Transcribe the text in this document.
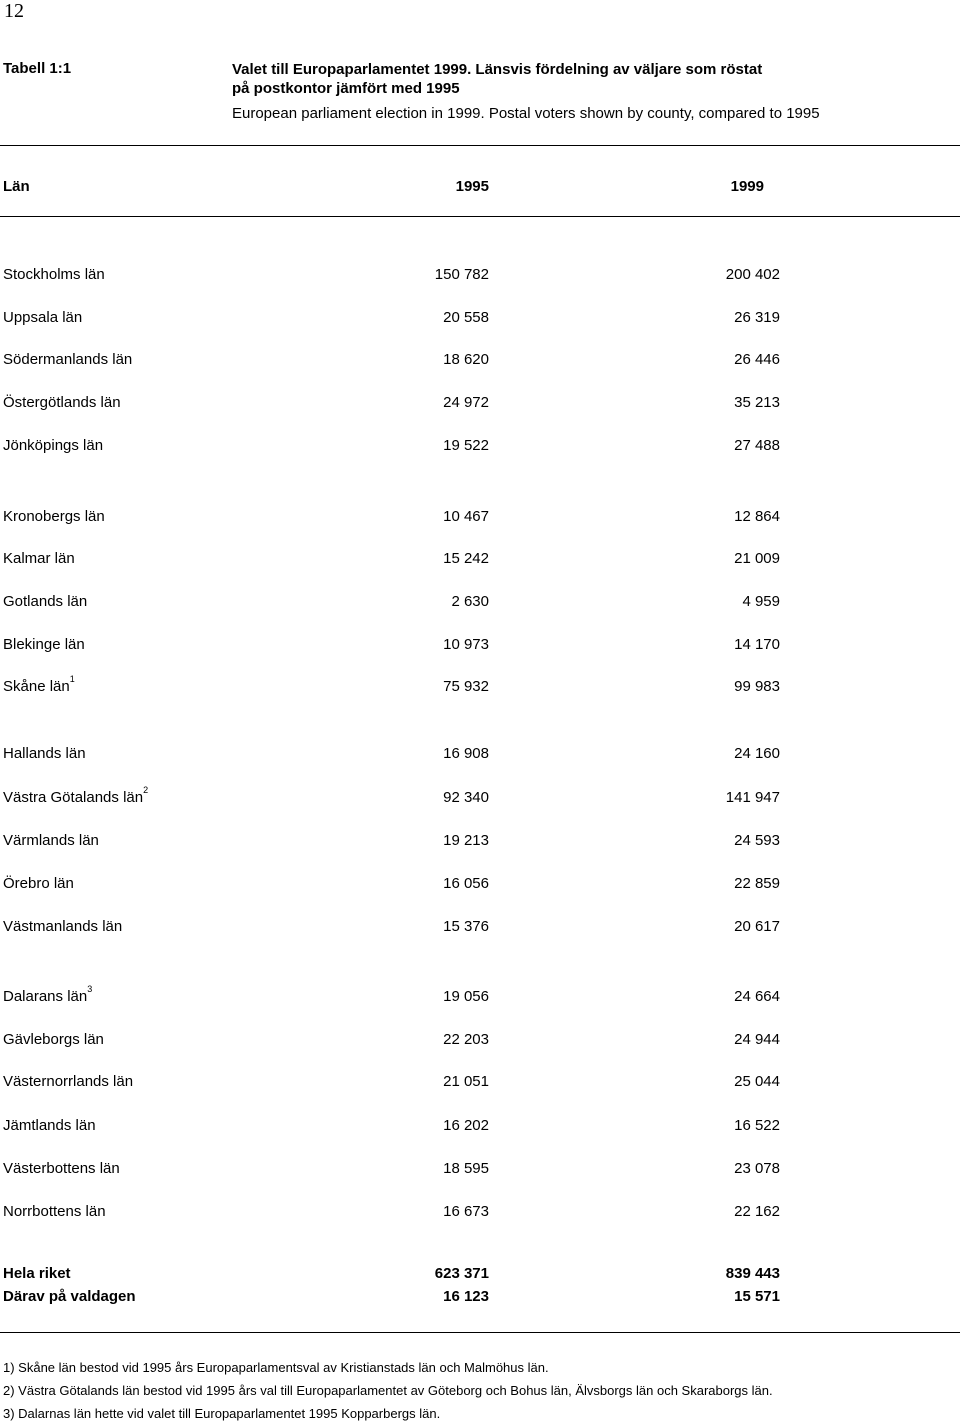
12
Tabell 1:1	Valet till Europaparlamentet 1999. Länsvis fördelning av väljare som röstat
på postkontor jämfört med 1995
European parliament election in 1999. Postal voters shown by county, compared to 1995
Län	1995	1999
Stockholms län	150 782	200 402
Uppsala län	20 558	26 319
Södermanlands län	18 620	26 446
Östergötlands län	24 972	35 213
Jönköpings län	19 522	27 488
Kronobergs län	10 467	12 864
Kalmar län	15 242	21 009
Gotlands län	2 630	4 959
Blekinge län	10 973	14 170
Skåne län$^1$	75 932	99 983
Hallands län	16 908	24 160
Västra Götalands län$^2$	92 340	141 947
Värmlands län	19 213	24 593
Örebro län	16 056	22 859
Västmanlands län	15 376	20 617
Dalarans län$^3$	19 056	24 664
Gävleborgs län	22 203	24 944
Västernorrlands län	21 051	25 044
Jämtlands län	16 202	16 522
Västerbottens län	18 595	23 078
Norrbottens län	16 673	22 162
Hela riket	623 371	839 443
Därav på valdagen	16 123	15 571
1) Skåne län bestod vid 1995 års Europaparlamentsval av Kristianstads län och Malmöhus län.
2) Västra Götalands län bestod vid 1995 års val till Europaparlamentet av Göteborg och Bohus län, Älvsborgs län och Skaraborgs län.
3) Dalarnas län hette vid valet till Europaparlamentet 1995 Kopparbergs län.
